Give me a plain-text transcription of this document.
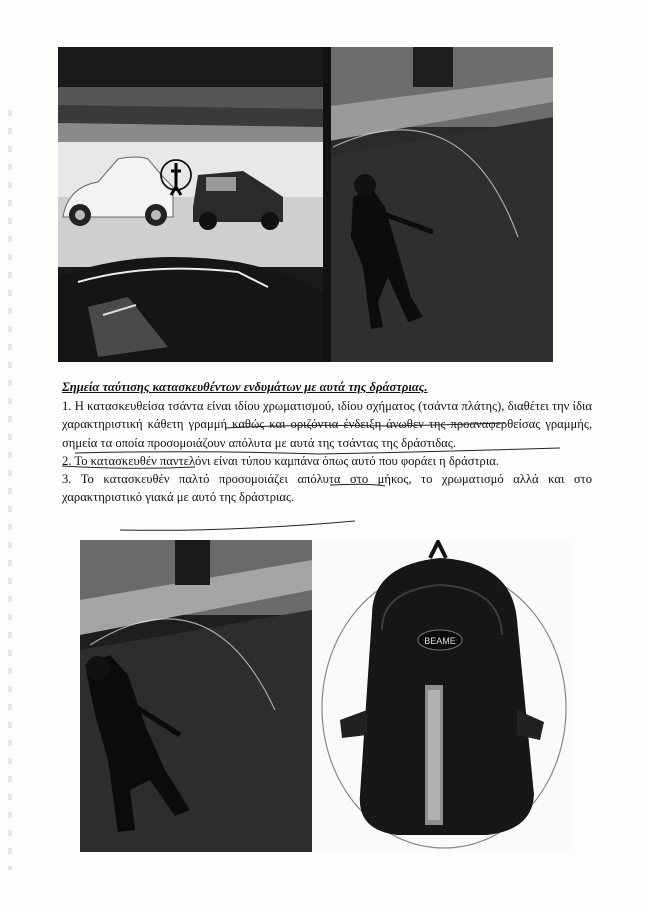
Σημεία ταύτισης κατασκευθέντων ενδυμάτων με αυτά της δράστριας.

1. Η κατασκευθείσα τσάντα είναι ιδίου χρωματισμού, ιδίου σχήματος (τσάντα πλάτης), διαθέτει την ίδια χαρακτηριστική κάθετη γραμμή καθώς και οριζόντια ένδειξη άνωθεν της προαναφερθείσας γραμμής, σημεία τα οποία προσομοιάζουν απόλυτα με αυτά της τσάντας της δράστιδας.

2. Το κατασκευθέν παντελόνι είναι τύπου καμπάνα όπως αυτό που φοράει η δράστρια.

3. Το κατασκευθέν παλτό προσομοιάζει απόλυτα στο μήκος, το χρωματισμό αλλά και στο χαρακτηριστικό γιακά με αυτό της δράστριας.

BEAME
